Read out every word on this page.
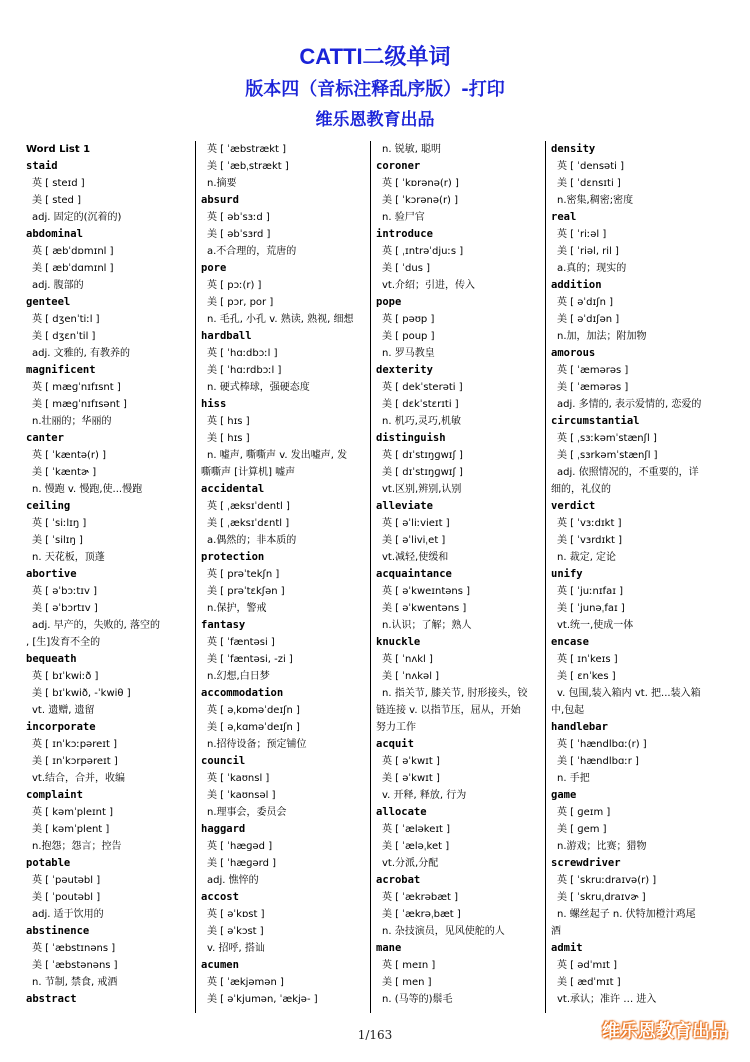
CATTI二级单词
版本四（音标注释乱序版）-打印
维乐恩教育出品
Word List 1
staid
英 [ steɪd ]
美 [ sted ]
adj. 固定的(沉着的)
abdominal
英 [ æbˈdɒmɪnl ]
美 [ æbˈdɑmɪnl ]
adj. 腹部的
genteel
英 [ dʒenˈtiːl ]
美 [ dʒɛnˈtil ]
adj. 文雅的, 有教养的
magnificent
英 [ mæɡˈnɪfɪsnt ]
美 [ mæɡˈnɪfɪsənt ]
n.壮丽的；华丽的
canter
英 [ ˈkæntə(r) ]
美 [ ˈkæntɚ ]
n. 慢跑 v. 慢跑,使...慢跑
ceiling
英 [ ˈsiːlɪŋ ]
美 [ ˈsilɪŋ ]
n. 天花板，顶蓬
abortive
英 [ əˈbɔːtɪv ]
美 [ əˈbɔrtɪv ]
adj. 早产的，失败的, 落空的
, [生]发育不全的
bequeath
英 [ bɪˈkwiːð ]
美 [ bɪˈkwið, -ˈkwiθ ]
vt. 遗赠, 遗留
incorporate
英 [ ɪnˈkɔːpəreɪt ]
美 [ ɪnˈkɔrpəreɪt ]
vt.结合，合并，收编
complaint
英 [ kəmˈpleɪnt ]
美 [ kəmˈplent ]
n.抱怨；怨言；控告
potable
英 [ ˈpəutəbl ]
美 [ ˈpoutəbl ]
adj. 适于饮用的
abstinence
英 [ ˈæbstɪnəns ]
美 [ ˈæbstənəns ]
n. 节制, 禁食, 戒酒
abstract
英 [ ˈæbstrækt ]
美 [ ˈæbˌstrækt ]
n.摘要
absurd
英 [ əbˈsɜːd ]
美 [ əbˈsɜrd ]
a.不合理的，荒唐的
pore
英 [ pɔː(r) ]
美 [ pɔr, por ]
n. 毛孔, 小孔 v. 熟读, 熟视, 细想
hardball
英 [ ˈhɑːdbɔːl ]
美 [ ˈhɑːrdbɔːl ]
n. 硬式棒球，强硬态度
hiss
英 [ hɪs ]
美 [ hɪs ]
n. 嘘声, 嘶嘶声 v. 发出嘘声, 发
嘶嘶声 [计算机] 嘘声
accidental
英 [ ˌæksɪˈdentl ]
美 [ ˌæksɪˈdɛntl ]
a.偶然的；非本质的
protection
英 [ prəˈtekʃn ]
美 [ prəˈtɛkʃən ]
n.保护，警戒
fantasy
英 [ ˈfæntəsi ]
美 [ ˈfæntəsi, -zi ]
n.幻想,白日梦
accommodation
英 [ əˌkɒməˈdeɪʃn ]
美 [ əˌkɑməˈdeɪʃn ]
n.招待设备；预定铺位
council
英 [ ˈkaʊnsl ]
美 [ ˈkaʊnsəl ]
n.理事会，委员会
haggard
英 [ ˈhæɡəd ]
美 [ ˈhæɡərd ]
adj. 憔悴的
accost
英 [ əˈkɒst ]
美 [ əˈkɔst ]
v. 招呼, 搭讪
acumen
英 [ ˈækjəmən ]
美 [ əˈkjumən, ˈækjə- ]
n. 锐敏, 聪明
coroner
英 [ ˈkɒrənə(r) ]
美 [ ˈkɔrənə(r) ]
n. 验尸官
introduce
英 [ ˌɪntrəˈdjuːs ]
美 [ ˈdus ]
vt.介绍；引进，传入
pope
英 [ pəʊp ]
美 [ poup ]
n. 罗马教皇
dexterity
英 [ dekˈsterəti ]
美 [ dɛkˈstɛrɪti ]
n. 机巧,灵巧,机敏
distinguish
英 [ dɪˈstɪŋɡwɪʃ ]
美 [ dɪˈstɪŋɡwɪʃ ]
vt.区别,辨别,认别
alleviate
英 [ əˈliːvieɪt ]
美 [ əˈliviˌet ]
vt.减轻,使缓和
acquaintance
英 [ əˈkweɪntəns ]
美 [ əˈkwentəns ]
n.认识；了解；熟人
knuckle
英 [ ˈnʌkl ]
美 [ ˈnʌkəl ]
n. 指关节, 膝关节, 肘形接头，铰
链连接 v. 以指节压，屈从，开始
努力工作
acquit
英 [ əˈkwɪt ]
美 [ əˈkwɪt ]
v. 开释, 释放, 行为
allocate
英 [ ˈæləkeɪt ]
美 [ ˈæləˌket ]
vt.分派,分配
acrobat
英 [ ˈækrəbæt ]
美 [ ˈækrəˌbæt ]
n. 杂技演员，见风使舵的人
mane
英 [ meɪn ]
美 [ men ]
n. (马等的)鬃毛
density
英 [ ˈdensəti ]
美 [ ˈdɛnsɪti ]
n.密集,稠密;密度
real
英 [ ˈriːəl ]
美 [ ˈriəl, ril ]
a.真的；现实的
addition
英 [ əˈdɪʃn ]
美 [ əˈdɪʃən ]
n.加，加法；附加物
amorous
英 [ ˈæmərəs ]
美 [ ˈæmərəs ]
adj. 多情的, 表示爱情的, 恋爱的
circumstantial
英 [ ˌsɜːkəmˈstænʃl ]
美 [ ˌsɜrkəmˈstænʃl ]
adj. 依照情况的，不重要的，详
细的，礼仪的
verdict
英 [ ˈvɜːdɪkt ]
美 [ ˈvɜrdɪkt ]
n. 裁定, 定论
unify
英 [ ˈjuːnɪfaɪ ]
美 [ ˈjunəˌfaɪ ]
vt.统一,使成一体
encase
英 [ ɪnˈkeɪs ]
美 [ ɛnˈkes ]
v. 包围,装入箱内 vt. 把...装入箱
中,包起
handlebar
英 [ ˈhændlbɑː(r) ]
美 [ ˈhændlbɑːr ]
n. 手把
game
英 [ ɡeɪm ]
美 [ ɡem ]
n.游戏；比赛；猎物
screwdriver
英 [ ˈskruːdraɪvə(r) ]
美 [ ˈskruˌdraɪvɚ ]
n. 螺丝起子 n. 伏特加橙汁鸡尾
酒
admit
英 [ ədˈmɪt ]
美 [ ædˈmɪt ]
vt.承认；准许 … 进入
1/163	维乐恩教育出品
